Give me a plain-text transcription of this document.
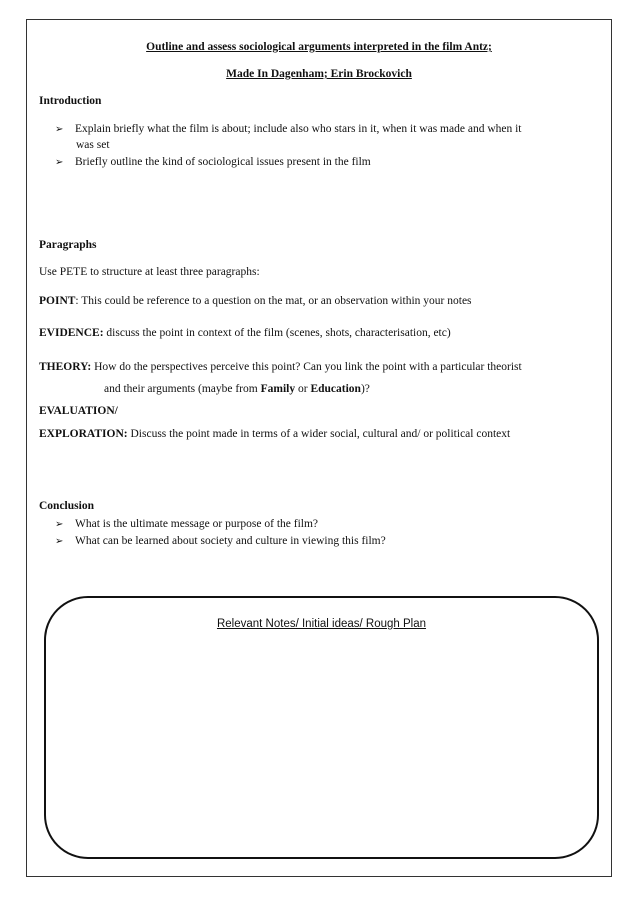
Outline and assess sociological arguments interpreted in the film Antz;
Made In Dagenham; Erin Brockovich
Introduction
➢ Explain briefly what the film is about; include also who stars in it, when it was made and when it
was set
➢ Briefly outline the kind of sociological issues present in the film
Paragraphs
Use PETE to structure at least three paragraphs:
POINT: This could be reference to a question on the mat, or an observation within your notes
EVIDENCE: discuss the point in context of the film (scenes, shots, characterisation, etc)
THEORY: How do the perspectives perceive this point? Can you link the point with a particular theorist
and their arguments (maybe from Family or Education)?
EVALUATION/
EXPLORATION: Discuss the point made in terms of a wider social, cultural and/ or political context
Conclusion
➢ What is the ultimate message or purpose of the film?
➢ What can be learned about society and culture in viewing this film?
Relevant Notes/ Initial ideas/ Rough Plan
